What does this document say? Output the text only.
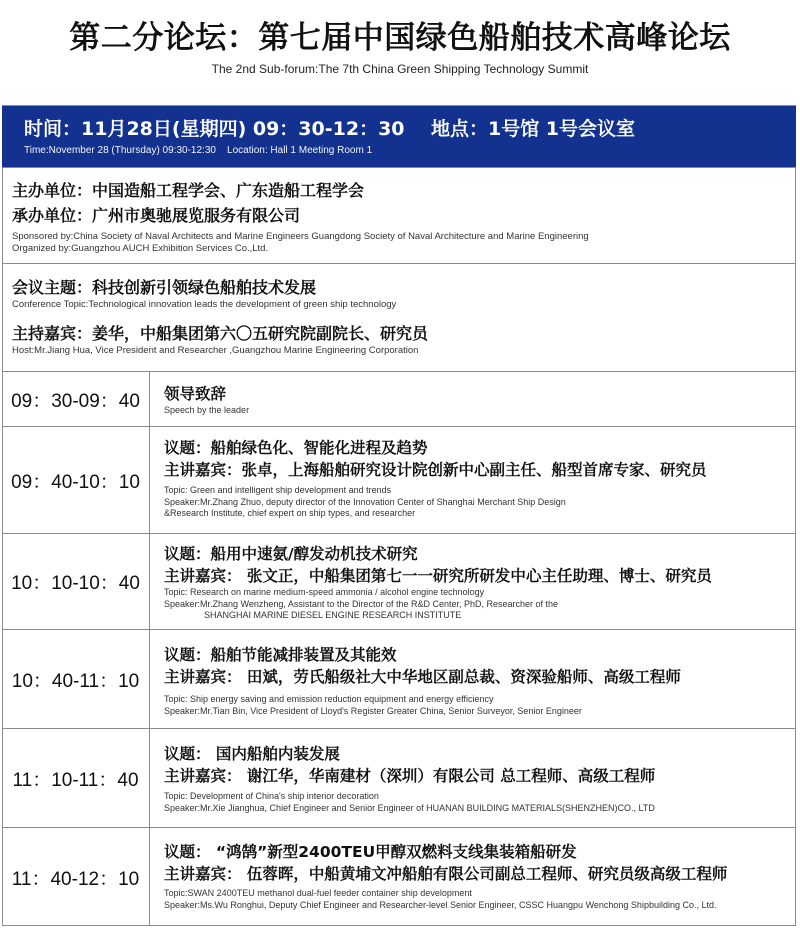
第二分论坛：第七届中国绿色船舶技术高峰论坛
The 2nd Sub-forum:The 7th China Green Shipping Technology Summit
时间：11月28日(星期四) 09：30-12：30    地点：1号馆 1号会议室
Time:November 28 (Thursday) 09:30-12:30    Location: Hall 1 Meeting Room 1
主办单位：中国造船工程学会、广东造船工程学会
承办单位：广州市奥驰展览服务有限公司
Sponsored by:China Society of Naval Architects and Marine Engineers Guangdong Society of Naval Architecture and Marine Engineering
Organized by:Guangzhou AUCH Exhibition Services Co.,Ltd.
会议主题：科技创新引领绿色船舶技术发展
Conference Topic:Technological innovation leads the development of green ship technology
主持嘉宾：姜华，中船集团第六〇五研究院副院长、研究员
Host:Mr.Jiang Hua, Vice President and Researcher ,Guangzhou Marine Engineering Corporation
09：30-09：40	领导致辞
Speech by the leader
09：40-10：10
议题：船舶绿色化、智能化进程及趋势
主讲嘉宾：张卓，上海船舶研究设计院创新中心副主任、船型首席专家、研究员
Topic: Green and intelligent ship development and trends
Speaker:Mr.Zhang Zhuo, deputy director of the Innovation Center of Shanghai Merchant Ship Design
&Research Institute, chief expert on ship types, and researcher
10：10-10：40
议题：船用中速氨/醇发动机技术研究
主讲嘉宾： 张文正，中船集团第七一一研究所研发中心主任助理、博士、研究员
Topic: Research on marine medium-speed ammonia / alcohol engine technology
Speaker:Mr.Zhang Wenzheng, Assistant to the Director of the R&D Center, PhD, Researcher of the
SHANGHAI MARINE DIESEL ENGINE RESEARCH INSTITUTE
10：40-11：10
议题：船舶节能减排装置及其能效
主讲嘉宾： 田斌，劳氏船级社大中华地区副总裁、资深验船师、高级工程师
Topic: Ship energy saving and emission reduction equipment and energy efficiency
Speaker:Mr.Tian Bin, Vice President of Lloyd's Register Greater China, Senior Surveyor, Senior Engineer
11：10-11：40
议题： 国内船舶内装发展
主讲嘉宾： 谢江华，华南建材（深圳）有限公司 总工程师、高级工程师
Topic: Development of China's ship interior decoration
Speaker:Mr.Xie Jianghua, Chief Engineer and Senior Engineer of HUANAN BUILDING MATERIALS(SHENZHEN)CO., LTD
11：40-12：10
议题： “鸿鹄”新型2400TEU甲醇双燃料支线集装箱船研发
主讲嘉宾： 伍蓉晖，中船黄埔文冲船舶有限公司副总工程师、研究员级高级工程师
Topic:SWAN 2400TEU methanol dual-fuel feeder container ship development
Speaker:Ms.Wu Ronghui, Deputy Chief Engineer and Researcher-level Senior Engineer, CSSC Huangpu Wenchong Shipbuilding Co., Ltd.
